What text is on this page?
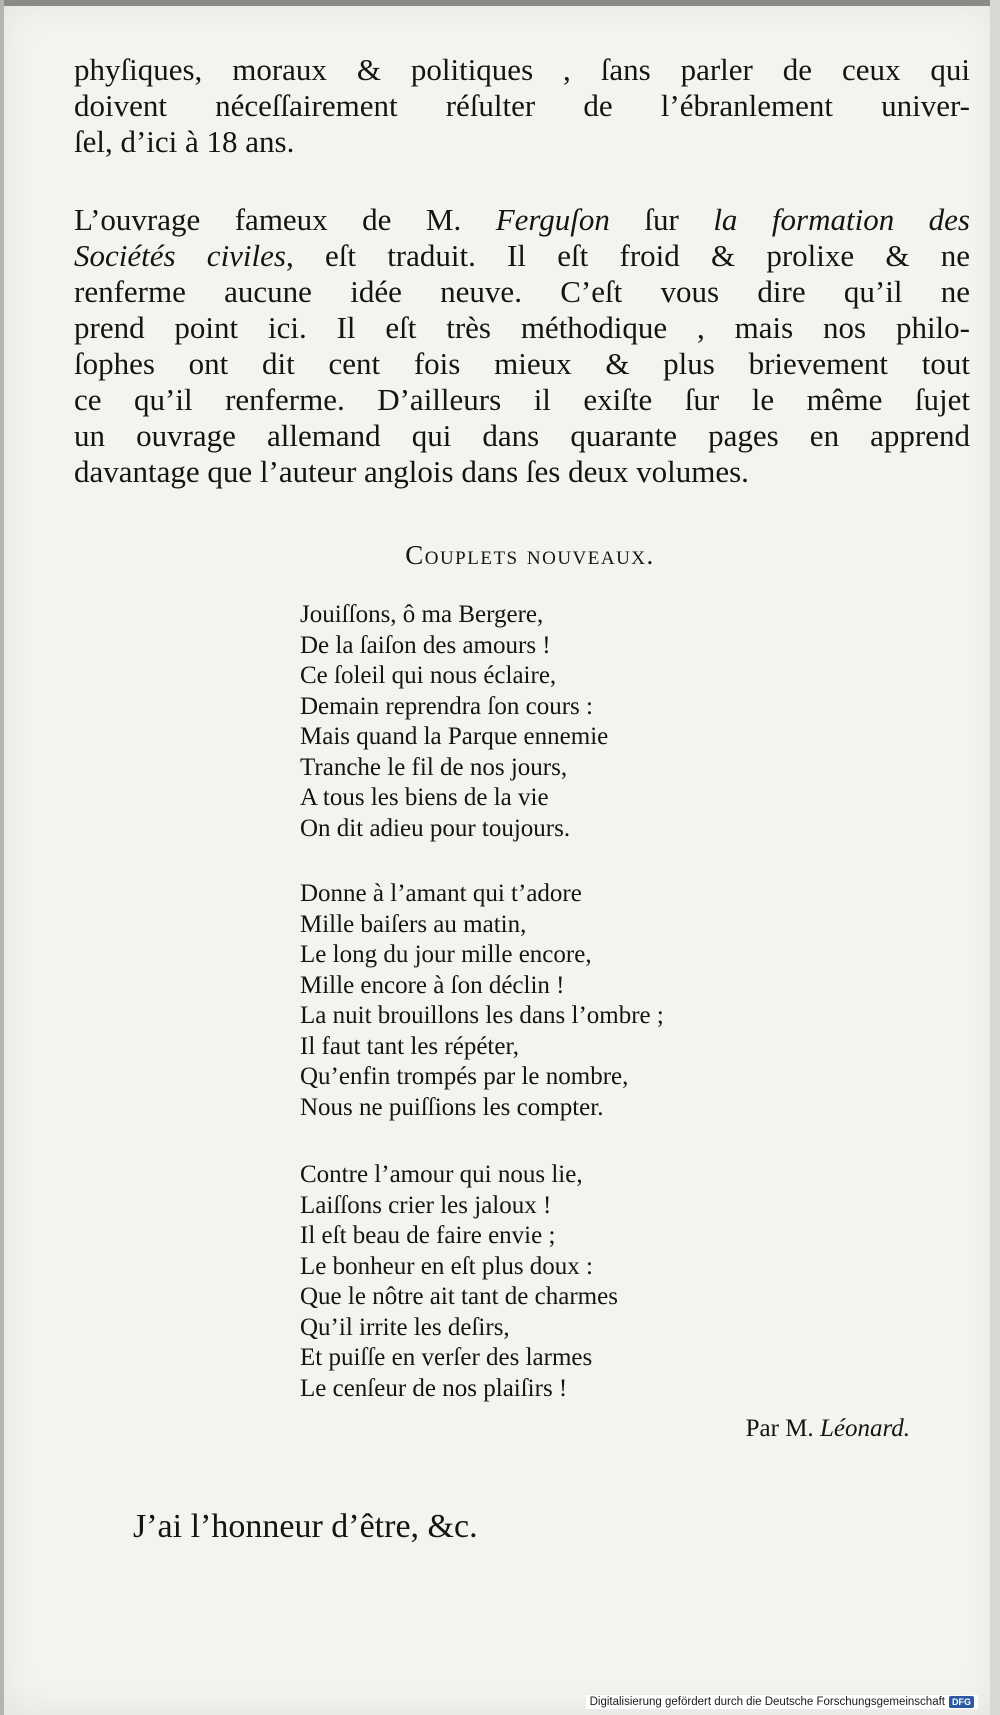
phyſiques, moraux & politiques , ſans parler de ceux qui
doivent néceſſairement réſulter de l’ébranlement univer-
ſel, d’ici à 18 ans.
L’ouvrage fameux de M. Ferguſon ſur la formation des
Sociétés civiles, eſt traduit. Il eſt froid & prolixe & ne
renferme aucune idée neuve. C’eſt vous dire qu’il ne
prend point ici. Il eſt très méthodique , mais nos philo-
ſophes ont dit cent fois mieux & plus brievement tout
ce qu’il renferme. D’ailleurs il exiſte ſur le même ſujet
un ouvrage allemand qui dans quarante pages en apprend
davantage que l’auteur anglois dans ſes deux volumes.
Couplets nouveaux.
Jouiſſons, ô ma Bergere,
De la ſaiſon des amours !
Ce ſoleil qui nous éclaire,
Demain reprendra ſon cours :
Mais quand la Parque ennemie
Tranche le fil de nos jours,
A tous les biens de la vie
On dit adieu pour toujours.
Donne à l’amant qui t’adore
Mille baiſers au matin,
Le long du jour mille encore,
Mille encore à ſon déclin !
La nuit brouillons les dans l’ombre ;
Il faut tant les répéter,
Qu’enfin trompés par le nombre,
Nous ne puiſſions les compter.
Contre l’amour qui nous lie,
Laiſſons crier les jaloux !
Il eſt beau de faire envie ;
Le bonheur en eſt plus doux :
Que le nôtre ait tant de charmes
Qu’il irrite les deſirs,
Et puiſſe en verſer des larmes
Le cenſeur de nos plaiſirs !
Par M. Léonard.
J’ai l’honneur d’être, &c.
Digitalisierung gefördert durch die Deutsche Forschungsgemeinschaft DFG
